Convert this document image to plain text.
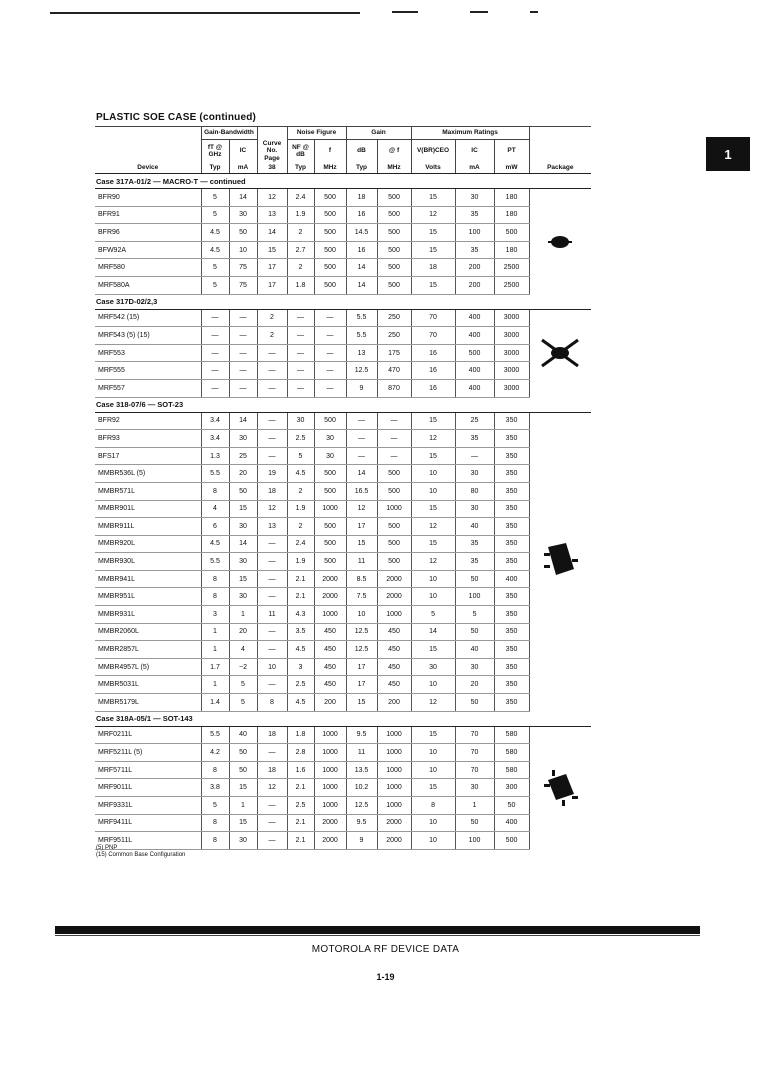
PLASTIC SOE CASE (continued)
1
	Gain-Bandwidth			Noise Figure		Gain		Maximum Ratings			
	fT @
GHz	IC	Curve
No.
Page	NF @
dB	f	dB	@ f	V(BR)CEO	IC	PT	
Device	Typ	mA	38	Typ	MHz	Typ	MHz	Volts	mA	mW	Package
Case 317A-01/2 — MACRO-T — continued											
BFR90	5	14	12	2.4	500	18	500	15	30	180	

BFR91	5	30	13	1.9	500	16	500	12	35	180	
BFR96	4.5	50	14	2	500	14.5	500	15	100	500	
BFW92A	4.5	10	15	2.7	500	16	500	15	35	180	
MRF580	5	75	17	2	500	14	500	18	200	2500	
MRF580A	5	75	17	1.8	500	14	500	15	200	2500	
Case 317D-02/2,3											
MRF542 (15)	—	—	2	—	—	5.5	250	70	400	3000	

MRF543 (5) (15)	—	—	2	—	—	5.5	250	70	400	3000	
MRF553	—	—	—	—	—	13	175	16	500	3000	
MRF555	—	—	—	—	—	12.5	470	16	400	3000	
MRF557	—	—	—	—	—	9	870	16	400	3000	
Case 318-07/6 — SOT-23											
BFR92	3.4	14	—	30	500	—	—	15	25	350	

BFR93	3.4	30	—	2.5	30	—	—	12	35	350	
BFS17	1.3	25	—	5	30	—	—	15	—	350	
MMBR536L (5)	5.5	20	19	4.5	500	14	500	10	30	350	
MMBR571L	8	50	18	2	500	16.5	500	10	80	350	
MMBR901L	4	15	12	1.9	1000	12	1000	15	30	350	
MMBR911L	6	30	13	2	500	17	500	12	40	350	
MMBR920L	4.5	14	—	2.4	500	15	500	15	35	350	
MMBR930L	5.5	30	—	1.9	500	11	500	12	35	350	
MMBR941L	8	15	—	2.1	2000	8.5	2000	10	50	400	
MMBR951L	8	30	—	2.1	2000	7.5	2000	10	100	350	
MMBR931L	3	1	11	4.3	1000	10	1000	5	5	350	
MMBR2060L	1	20	—	3.5	450	12.5	450	14	50	350	
MMBR2857L	1	4	—	4.5	450	12.5	450	15	40	350	
MMBR4957L (5)	1.7	−2	10	3	450	17	450	30	30	350	
MMBR5031L	1	5	—	2.5	450	17	450	10	20	350	
MMBR5179L	1.4	5	8	4.5	200	15	200	12	50	350	
Case 318A-05/1 — SOT-143											
MRF0211L	5.5	40	18	1.8	1000	9.5	1000	15	70	580	

MRF5211L (5)	4.2	50	—	2.8	1000	11	1000	10	70	580	
MRF5711L	8	50	18	1.6	1000	13.5	1000	10	70	580	
MRF9011L	3.8	15	12	2.1	1000	10.2	1000	15	30	300	
MRF9331L	5	1	—	2.5	1000	12.5	1000	8	1	50	
MRF9411L	8	15	—	2.1	2000	9.5	2000	10	50	400	
MRF9511L	8	30	—	2.1	2000	9	2000	10	100	500	
(5) PNP
(15) Common Base Configuration
MOTOROLA RF DEVICE DATA
1-19
